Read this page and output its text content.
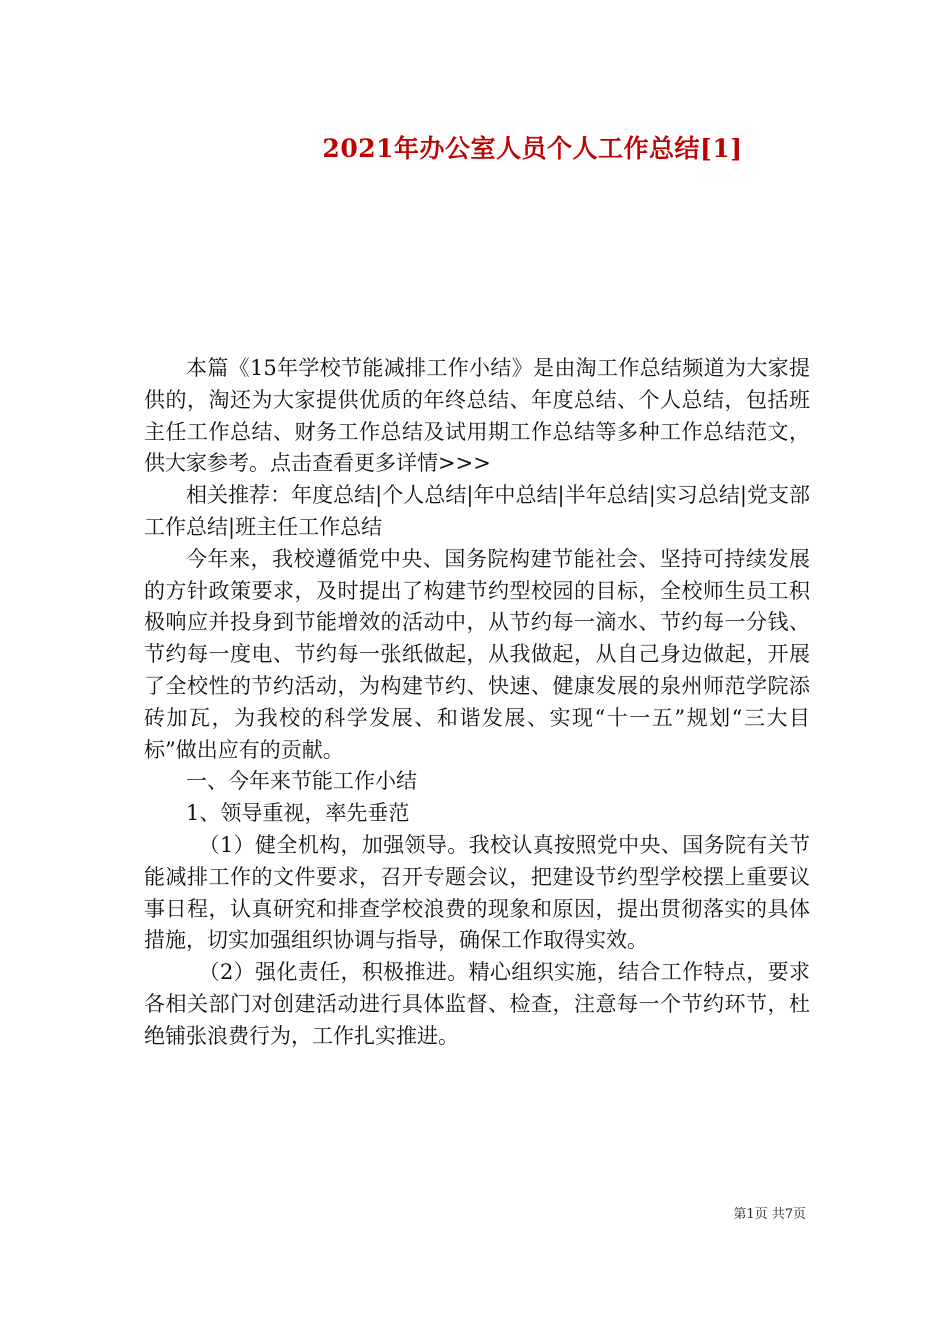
2021年办公室人员个人工作总结[1]

本篇《15年学校节能减排工作小结》是由淘工作总结频道为大家提供的，淘还为大家提供优质的年终总结、年度总结、个人总结，包括班主任工作总结、财务工作总结及试用期工作总结等多种工作总结范文，供大家参考。点击查看更多详情>>>

相关推荐：年度总结|个人总结|年中总结|半年总结|实习总结|党支部工作总结|班主任工作总结

今年来，我校遵循党中央、国务院构建节能社会、坚持可持续发展的方针政策要求，及时提出了构建节约型校园的目标，全校师生员工积极响应并投身到节能增效的活动中，从节约每一滴水、节约每一分钱、节约每一度电、节约每一张纸做起，从我做起，从自己身边做起，开展了全校性的节约活动，为构建节约、快速、健康发展的泉州师范学院添砖加瓦，为我校的科学发展、和谐发展、实现“十一五”规划“三大目标”做出应有的贡献。

一、今年来节能工作小结

1、领导重视，率先垂范

（1）健全机构，加强领导。我校认真按照党中央、国务院有关节能减排工作的文件要求，召开专题会议，把建设节约型学校摆上重要议事日程，认真研究和排查学校浪费的现象和原因，提出贯彻落实的具体措施，切实加强组织协调与指导，确保工作取得实效。

（2）强化责任，积极推进。精心组织实施，结合工作特点，要求各相关部门对创建活动进行具体监督、检查，注意每一个节约环节，杜绝铺张浪费行为，工作扎实推进。

第1页 共7页
